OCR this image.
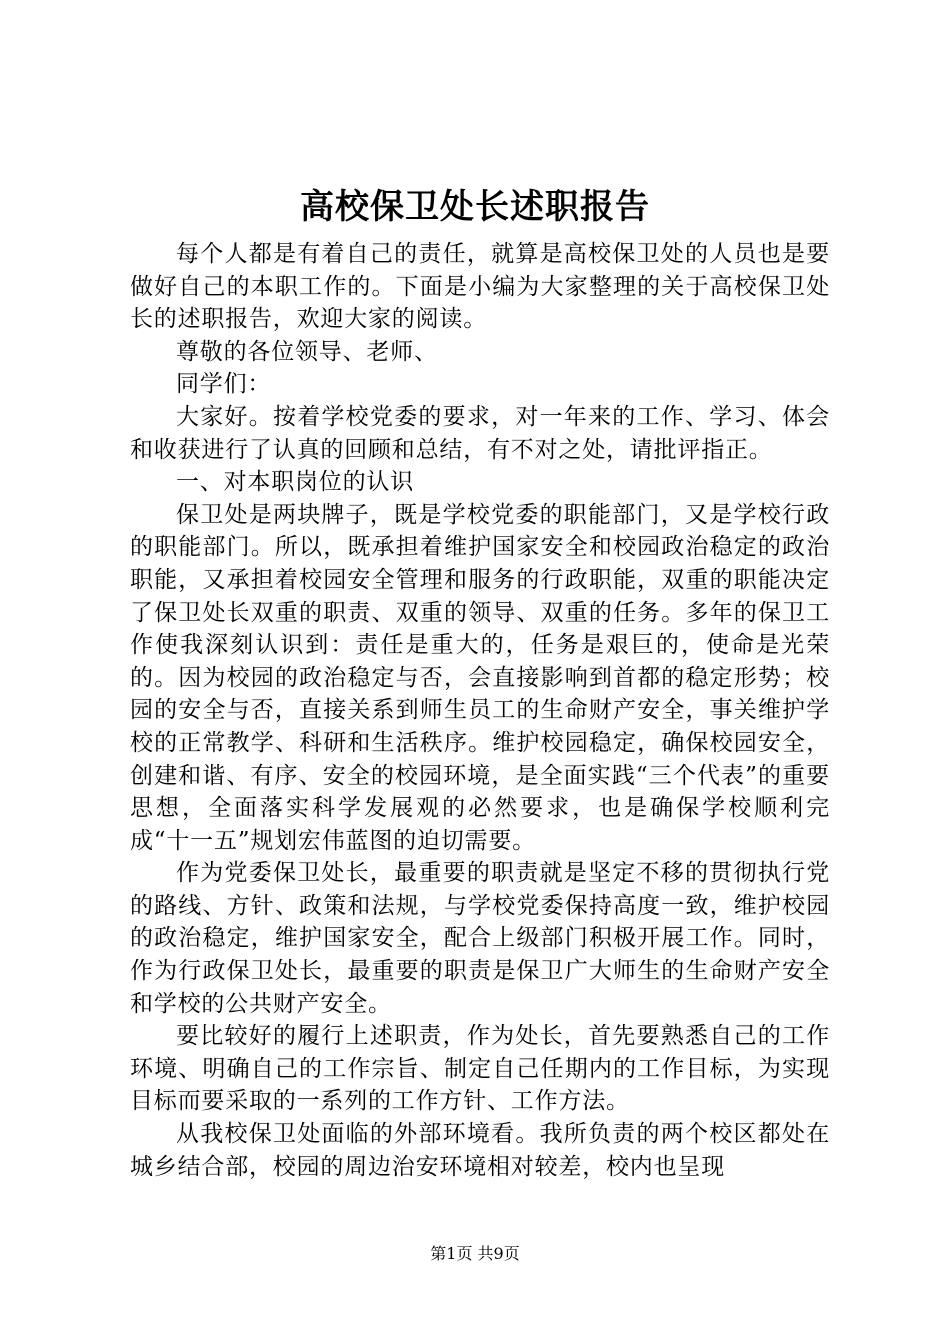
高校保卫处长述职报告

每个人都是有着自己的责任，就算是高校保卫处的人员也是要做好自己的本职工作的。下面是小编为大家整理的关于高校保卫处长的述职报告，欢迎大家的阅读。

尊敬的各位领导、老师、

同学们：

大家好。按着学校党委的要求，对一年来的工作、学习、体会和收获进行了认真的回顾和总结，有不对之处，请批评指正。

一、对本职岗位的认识

保卫处是两块牌子，既是学校党委的职能部门，又是学校行政的职能部门。所以，既承担着维护国家安全和校园政治稳定的政治职能，又承担着校园安全管理和服务的行政职能，双重的职能决定了保卫处长双重的职责、双重的领导、双重的任务。多年的保卫工作使我深刻认识到：责任是重大的，任务是艰巨的，使命是光荣的。因为校园的政治稳定与否，会直接影响到首都的稳定形势；校园的安全与否，直接关系到师生员工的生命财产安全，事关维护学校的正常教学、科研和生活秩序。维护校园稳定，确保校园安全，创建和谐、有序、安全的校园环境，是全面实践“三个代表”的重要思想，全面落实科学发展观的必然要求，也是确保学校顺利完成“十一五”规划宏伟蓝图的迫切需要。

作为党委保卫处长，最重要的职责就是坚定不移的贯彻执行党的路线、方针、政策和法规，与学校党委保持高度一致，维护校园的政治稳定，维护国家安全，配合上级部门积极开展工作。同时，作为行政保卫处长，最重要的职责是保卫广大师生的生命财产安全和学校的公共财产安全。

要比较好的履行上述职责，作为处长，首先要熟悉自己的工作环境、明确自己的工作宗旨、制定自己任期内的工作目标，为实现目标而要采取的一系列的工作方针、工作方法。

从我校保卫处面临的外部环境看。我所负责的两个校区都处在城乡结合部，校园的周边治安环境相对较差，校内也呈现

第1页 共9页
